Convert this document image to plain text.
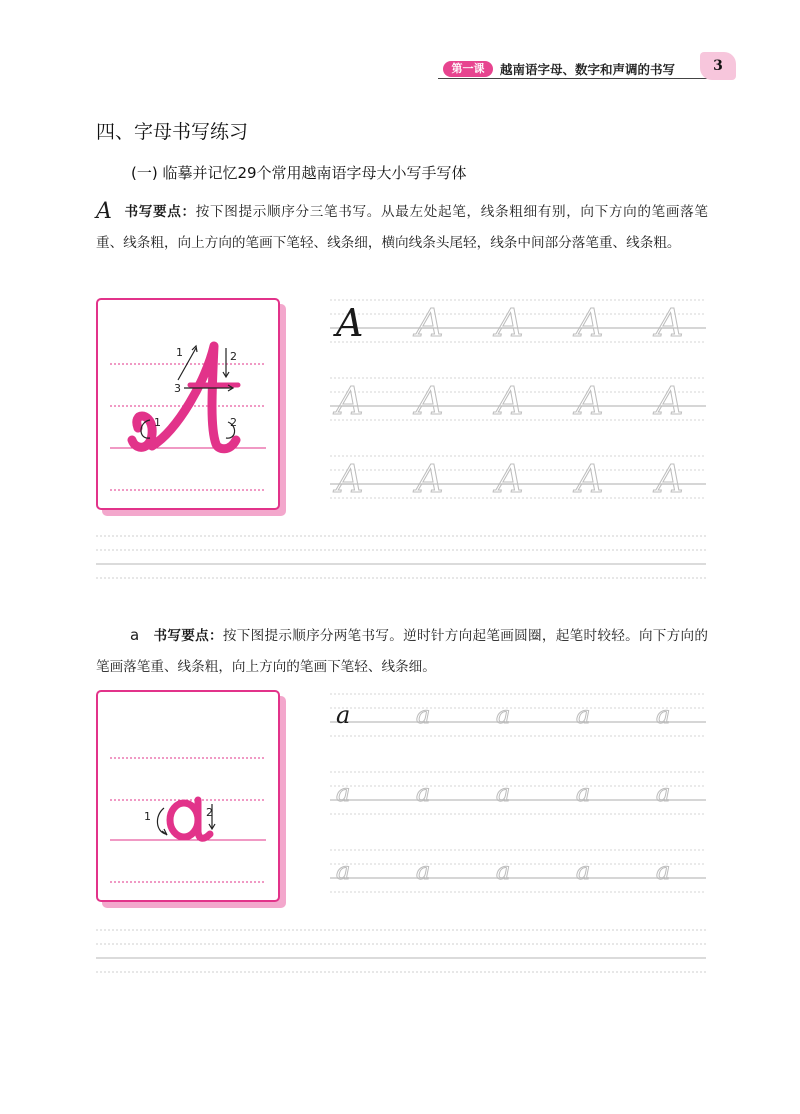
第一课	越南语字母、数字和声调的书写	3
四、字母书写练习
(一) 临摹并记忆29个常用越南语字母大小写手写体
A书写要点：按下图提示顺序分三笔书写。从最左处起笔，线条粗细有别，向下方向的笔画落笔重、线条粗，向上方向的笔画下笔轻、线条细，横向线条头尾轻，线条中间部分落笔重、线条粗。
1	2
3
1	2
A A A A A
A A A A A
A A A A A
a 书写要点：按下图提示顺序分两笔书写。逆时针方向起笔画圆圈，起笔时较轻。向下方向的笔画落笔重、线条粗，向上方向的笔画下笔轻、线条细。
1	2
a	a	a	a	a
a	a	a	a	a
a	a	a	a	a
